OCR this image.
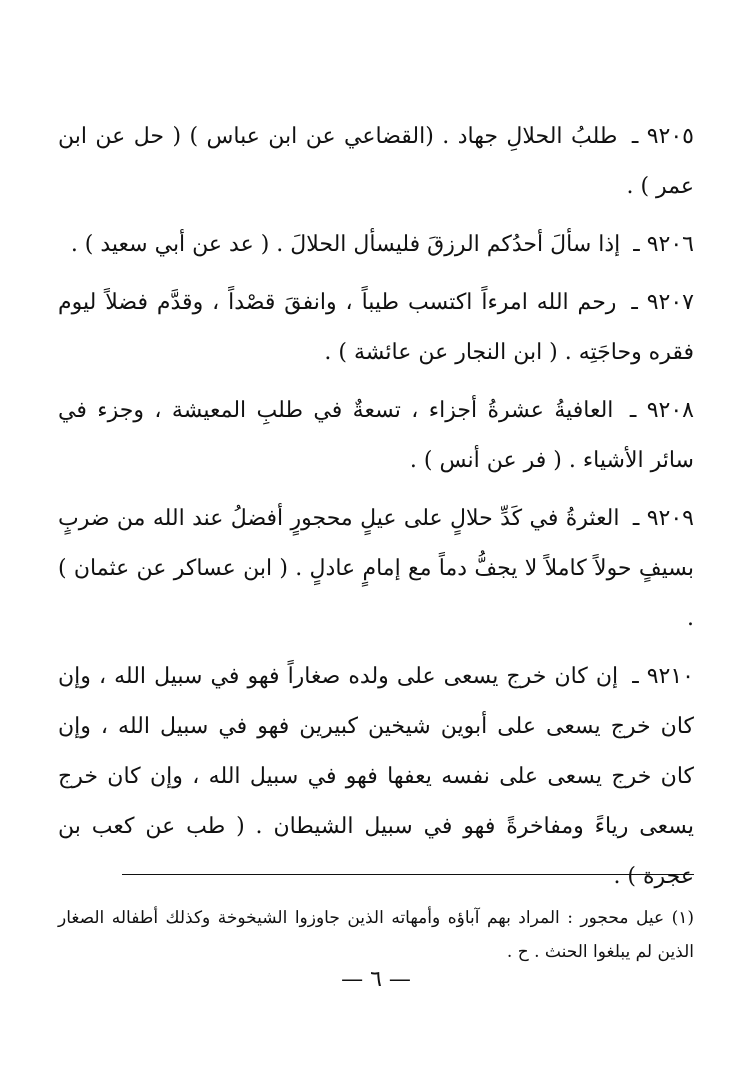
٩٢٠٥ ـ طلبُ الحلالِ جهاد . (القضاعي عن ابن عباس ) ( حل عن ابن عمر ) .

٩٢٠٦ ـ إذا سألَ أحدُكم الرزقَ فليسأل الحلالَ . ( عد عن أبي سعيد ) .

٩٢٠٧ ـ رحم الله امرءاً اكتسب طيباً ، وانفقَ قصْداً ، وقدَّم فضلاً ليوم فقره وحاجَتِه . ( ابن النجار عن عائشة ) .

٩٢٠٨ ـ العافيةُ عشرةُ أجزاء ، تسعةٌ في طلبِ المعيشة ، وجزء في سائر الأشياء . ( فر عن أنس ) .

٩٢٠٩ ـ العثرةُ في كَدِّ حلالٍ على عيلٍ محجورٍ أفضلُ عند الله من ضربٍ بسيفٍ حولاً كاملاً لا يجفُّ دماً مع إمامٍ عادلٍ . ( ابن عساكر عن عثمان ) .

٩٢١٠ ـ إن كان خرج يسعى على ولده صغاراً فهو في سبيل الله ، وإن كان خرج يسعى على أبوين شيخين كبيرين فهو في سبيل الله ، وإن كان خرج يسعى على نفسه يعفها فهو في سبيل الله ، وإن كان خرج يسعى رياءً ومفاخرةً فهو في سبيل الشيطان . ( طب عن كعب بن عجرة ) .

(١) عيل محجور : المراد بهم آباؤه وأمهاته الذين جاوزوا الشيخوخة وكذلك أطفاله الصغار الذين لم يبلغوا الحنث . ح .

— ٦ —
